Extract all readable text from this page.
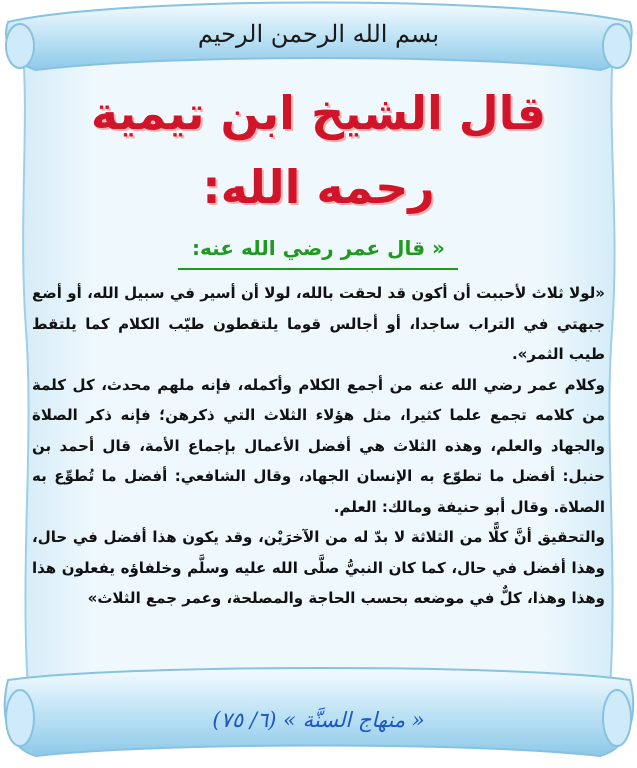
بسم الله الرحمن الرحيم
قال الشيخ ابن تيمية
رحمه الله:
« قال عمر رضي الله عنه:

«لولا ثلاث لأحببت أن أكون قد لحقت بالله، لولا أن أسير في سبيل الله، أو أضع جبهتي في التراب ساجدا، أو أجالس قوما يلتقطون طيّب الكلام كما يلتقط طيب الثمر».

وكلام عمر رضي الله عنه من أجمع الكلام وأكمله، فإنه ملهم محدث، كل كلمة من كلامه تجمع علما كثيرا، مثل هؤلاء الثلاث التي ذكرهن؛ فإنه ذكر الصلاة والجهاد والعلم، وهذه الثلاث هي أفضل الأعمال بإجماع الأمة، قال أحمد بن حنبل: أفضل ما تطوّع به الإنسان الجهاد، وقال الشافعي: أفضل ما تُطوِّع به الصلاة. وقال أبو حنيفة ومالك: العلم.

والتحقيق أنَّ كلًّا من الثلاثة لا بدّ له من الآخرَيْن، وقد يكون هذا أفضل في حال، وهذا أفضل في حال، كما كان النبيُّ صلَّى الله عليه وسلَّم وخلفاؤه يفعلون هذا وهذا وهذا، كلٌّ في موضعه بحسب الحاجة والمصلحة، وعمر جمع الثلاث»

« منهاج السنَّة » (٦/ ٧٥)
